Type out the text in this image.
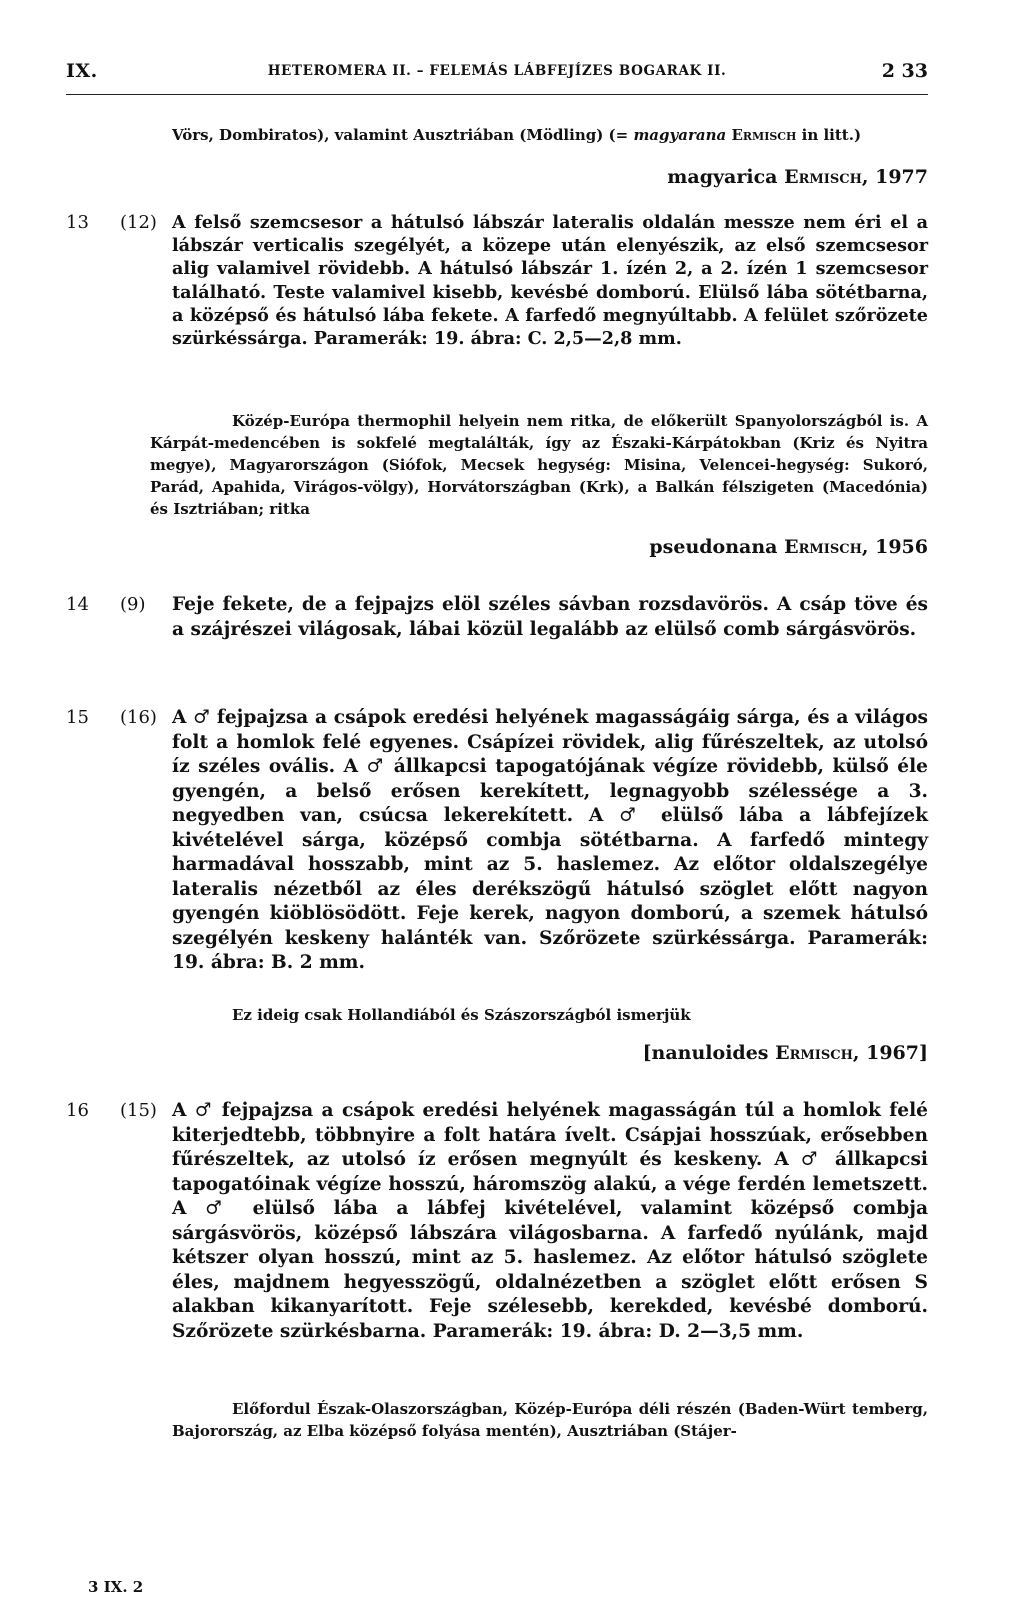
IX.	HETEROMERA II. – FELEMÁS LÁBFEJÍZES BOGARAK II.	2 33
Vörs, Dombiratos), valamint Ausztriában (Mödling) (= magyarana Ermisch in litt.)
magyarica Ermisch, 1977
13 (12) A felső szemcsesor a hátulsó lábszár lateralis oldalán messze nem éri el a lábszár verticalis szegélyét, a közepe után elenyészik, az első szemcsesor alig valamivel rövidebb. A hátulsó lábszár 1. ízén 2, a 2. ízén 1 szemcsesor található. Teste valamivel kisebb, kevésbé domború. Elülső lába sötétbarna, a középső és hátulsó lába fekete. A farfedő megnyúltabb. A felület szőrözete szürkéssárga. Paramerák: 19. ábra: C. 2,5—2,8 mm.
Közép-Európa thermophil helyein nem ritka, de előkerült Spanyolországból is. A Kárpát-medencében is sokfelé megtalálták, így az Északi-Kárpátokban (Kriz és Nyitra megye), Magyarországon (Siófok, Mecsek hegység: Misina, Velencei-hegység: Sukoró, Parád, Apahida, Virágos-völgy), Horvátországban (Krk), a Balkán félszigeten (Macedónia) és Isztriában; ritka
pseudonana Ermisch, 1956
14 (9) Feje fekete, de a fejpajzs elöl széles sávban rozsdavörös. A csáp töve és a szájrészei világosak, lábai közül legalább az elülső comb sárgásvörös.
15 (16) A ♂ fejpajzsa a csápok eredési helyének magasságáig sárga, és a világos folt a homlok felé egyenes. Csápízei rövidek, alig fűrészeltek, az utolsó íz széles ovális. A ♂ állkapcsi tapogatójának végíze rövidebb, külső éle gyengén, a belső erősen kerekített, legnagyobb szélessége a 3. negyedben van, csúcsa lekerekített. A ♂ elülső lába a lábfejízek kivételével sárga, középső combja sötétbarna. A farfedő mintegy harmadával hosszabb, mint az 5. haslemez. Az előtor oldalszegélye lateralis nézetből az éles derékszögű hátulsó szöglet előtt nagyon gyengén kiöblösödött. Feje kerek, nagyon domború, a szemek hátulsó szegélyén keskeny halánték van. Szőrözete szürkéssárga. Paramerák: 19. ábra: B. 2 mm.
Ez ideig csak Hollandiából és Szászországból ismerjük
[nanuloides Ermisch, 1967]
16 (15) A ♂ fejpajzsa a csápok eredési helyének magasságán túl a homlok felé kiterjedtebb, többnyire a folt határa ívelt. Csápjai hosszúak, erősebben fűrészeltek, az utolsó íz erősen megnyúlt és keskeny. A ♂ állkapcsi tapogatóinak végíze hosszú, háromszög alakú, a vége ferdén lemetszett. A ♂ elülső lába a lábfej kivételével, valamint középső combja sárgásvörös, középső lábszára világosbarna. A farfedő nyúlánk, majd kétszer olyan hosszú, mint az 5. haslemez. Az előtor hátulsó szöglete éles, majdnem hegyesszögű, oldalnézetben a szöglet előtt erősen S alakban kikanyarított. Feje szélesebb, kerekded, kevésbé domború. Szőrözete szürkésbarna. Paramerák: 19. ábra: D. 2—3,5 mm.
Előfordul Észak-Olaszországban, Közép-Európa déli részén (Baden-Würt temberg, Bajorország, az Elba középső folyása mentén), Ausztriában (Stájer-
3 IX. 2
